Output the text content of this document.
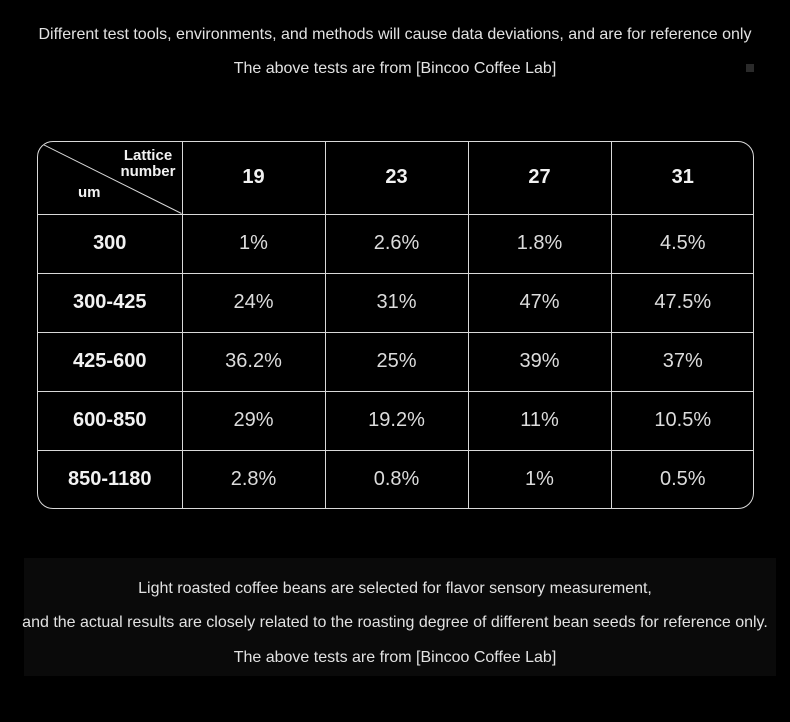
Different test tools, environments, and methods will cause data deviations, and are for reference only
The above tests are from [Bincoo Coffee Lab]
Lattice
number
um	19	23	27	31
300	1%	2.6%	1.8%	4.5%
300-425	24%	31%	47%	47.5%
425-600	36.2%	25%	39%	37%
600-850	29%	19.2%	11%	10.5%
850-1180	2.8%	0.8%	1%	0.5%
Light roasted coffee beans are selected for flavor sensory measurement,
and the actual results are closely related to the roasting degree of different bean seeds for reference only.
The above tests are from [Bincoo Coffee Lab]
